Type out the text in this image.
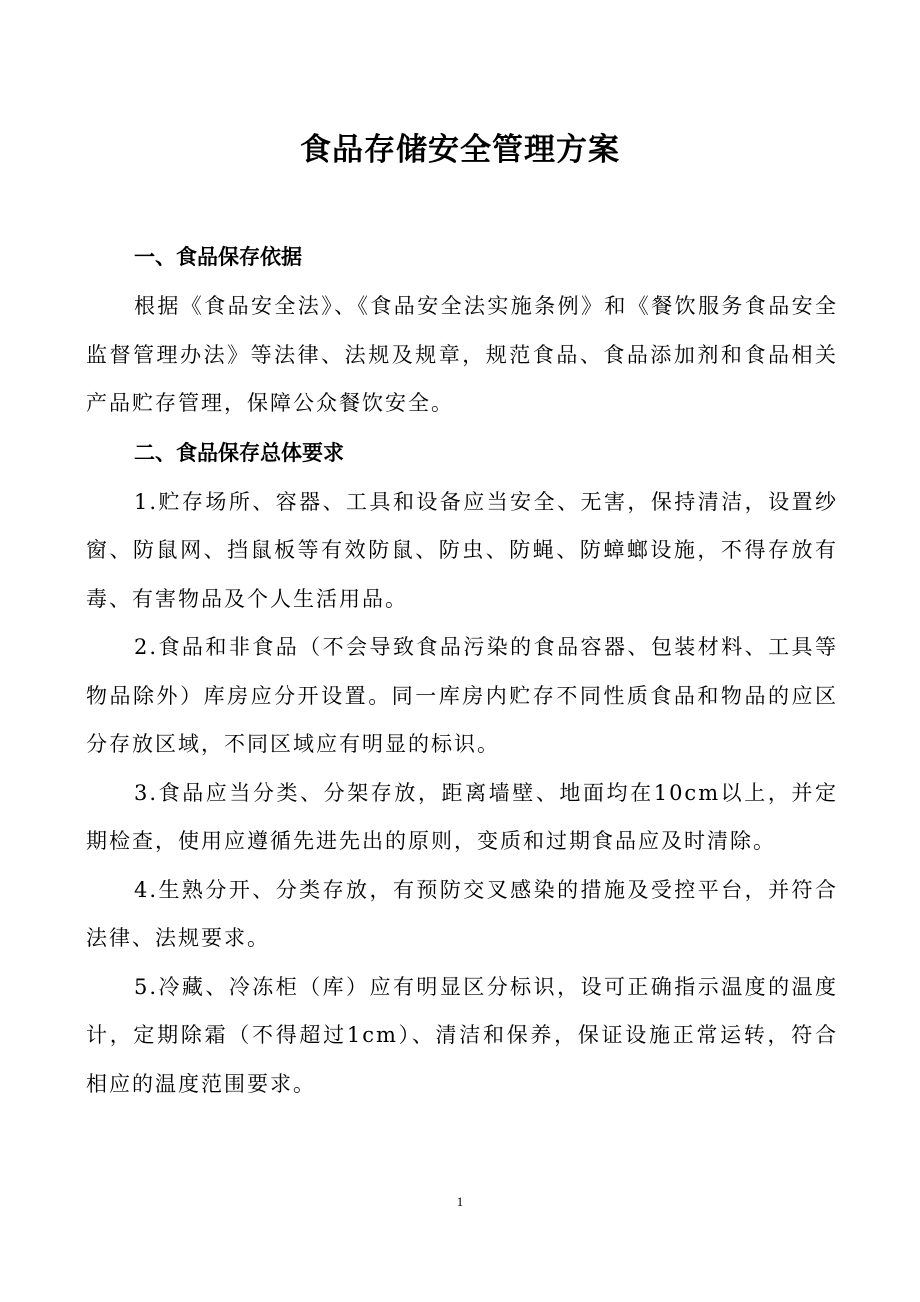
食品存储安全管理方案

一、食品保存依据

根据《食品安全法》、《食品安全法实施条例》和《餐饮服务食品安全监督管理办法》等法律、法规及规章，规范食品、食品添加剂和食品相关产品贮存管理，保障公众餐饮安全。

二、食品保存总体要求

1.贮存场所、容器、工具和设备应当安全、无害，保持清洁，设置纱窗、防鼠网、挡鼠板等有效防鼠、防虫、防蝇、防蟑螂设施，不得存放有毒、有害物品及个人生活用品。

2.食品和非食品（不会导致食品污染的食品容器、包装材料、工具等物品除外）库房应分开设置。同一库房内贮存不同性质食品和物品的应区分存放区域，不同区域应有明显的标识。

3.食品应当分类、分架存放，距离墙壁、地面均在10cm以上，并定期检查，使用应遵循先进先出的原则，变质和过期食品应及时清除。

4.生熟分开、分类存放，有预防交叉感染的措施及受控平台，并符合法律、法规要求。

5.冷藏、冷冻柜（库）应有明显区分标识，设可正确指示温度的温度计，定期除霜（不得超过1cm）、清洁和保养，保证设施正常运转，符合相应的温度范围要求。

1
